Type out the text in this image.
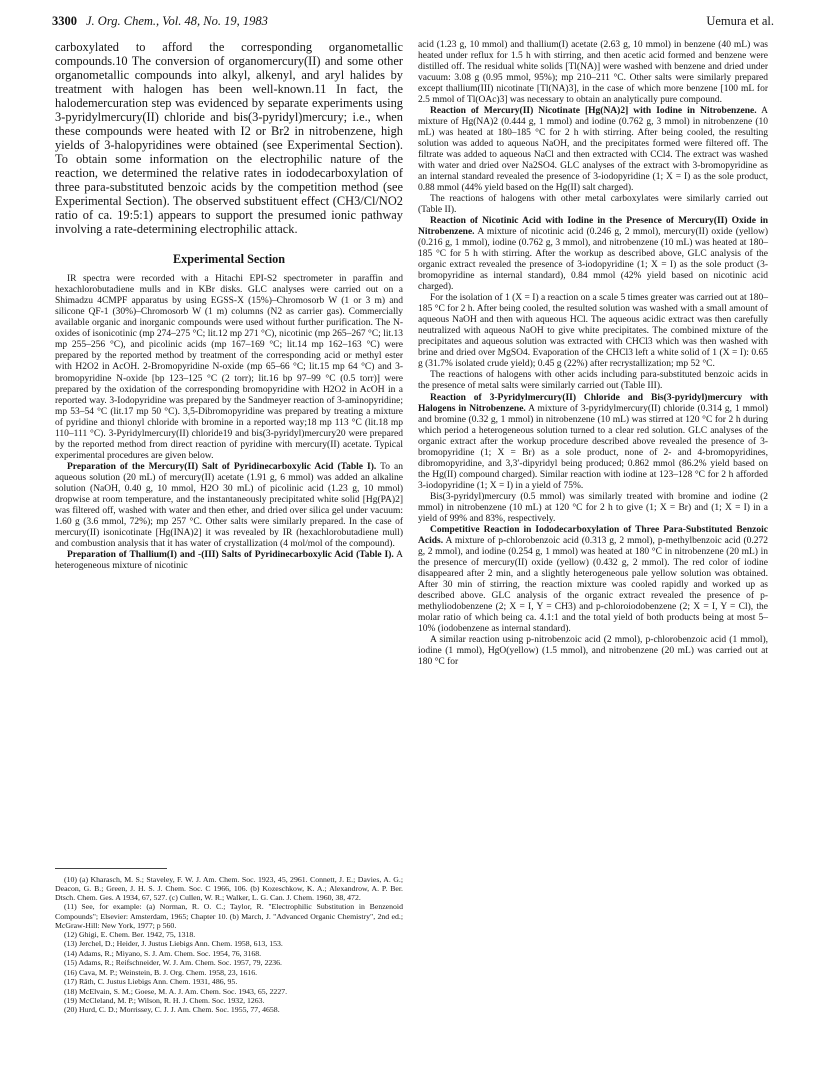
3300 J. Org. Chem., Vol. 48, No. 19, 1983	Uemura et al.

carboxylated to afford the corresponding organometallic compounds.10 The conversion of organomercury(II) and some other organometallic compounds into alkyl, alkenyl, and aryl halides by treatment with halogen has been well-known.11 In fact, the halodemercuration step was evidenced by separate experiments using 3-pyridylmercury(II) chloride and bis(3-pyridyl)mercury; i.e., when these compounds were heated with I2 or Br2 in nitrobenzene, high yields of 3-halopyridines were obtained (see Experimental Section). To obtain some information on the electrophilic nature of the reaction, we determined the relative rates in iododecarboxylation of three para-substituted benzoic acids by the competition method (see Experimental Section). The observed substituent effect (CH3/Cl/NO2 ratio of ca. 19:5:1) appears to support the presumed ionic pathway involving a rate-determining electrophilic attack.

Experimental Section

IR spectra were recorded with a Hitachi EPI-S2 spectrometer in paraffin and hexachlorobutadiene mulls and in KBr disks. GLC analyses were carried out on a Shimadzu 4CMPF apparatus by using EGSS-X (15%)–Chromosorb W (1 or 3 m) and silicone QF-1 (30%)–Chromosorb W (1 m) columns (N2 as carrier gas). Commercially available organic and inorganic compounds were used without further purification. The N-oxides of isonicotinic (mp 274–275 °C; lit.12 mp 271 °C), nicotinic (mp 265–267 °C; lit.13 mp 255–256 °C), and picolinic acids (mp 167–169 °C; lit.14 mp 162–163 °C) were prepared by the reported method by treatment of the corresponding acid or methyl ester with H2O2 in AcOH. 2-Bromopyridine N-oxide (mp 65–66 °C; lit.15 mp 64 °C) and 3-bromopyridine N-oxide [bp 123–125 °C (2 torr); lit.16 bp 97–99 °C (0.5 torr)] were prepared by the oxidation of the corresponding bromopyridine with H2O2 in AcOH in a reported way. 3-Iodopyridine was prepared by the Sandmeyer reaction of 3-aminopyridine; mp 53–54 °C (lit.17 mp 50 °C). 3,5-Dibromopyridine was prepared by treating a mixture of pyridine and thionyl chloride with bromine in a reported way;18 mp 113 °C (lit.18 mp 110–111 °C). 3-Pyridylmercury(II) chloride19 and bis(3-pyridyl)mercury20 were prepared by the reported method from direct reaction of pyridine with mercury(II) acetate. Typical experimental procedures are given below.

Preparation of the Mercury(II) Salt of Pyridinecarboxylic Acid (Table I). To an aqueous solution (20 mL) of mercury(II) acetate (1.91 g, 6 mmol) was added an alkaline solution (NaOH, 0.40 g, 10 mmol, H2O 30 mL) of picolinic acid (1.23 g, 10 mmol) dropwise at room temperature, and the instantaneously precipitated white solid [Hg(PA)2] was filtered off, washed with water and then ether, and dried over silica gel under vacuum: 1.60 g (3.6 mmol, 72%); mp 257 °C. Other salts were similarly prepared. In the case of mercury(II) isonicotinate [Hg(INA)2] it was revealed by IR (hexachlorobutadiene mull) and combustion analysis that it has water of crystallization (4 mol/mol of the compound).

Preparation of Thallium(I) and -(III) Salts of Pyridinecarboxylic Acid (Table I). A heterogeneous mixture of nicotinic

(10) (a) Kharasch, M. S.; Staveley, F. W. J. Am. Chem. Soc. 1923, 45, 2961. Connett, J. E.; Davies, A. G.; Deacon, G. B.; Green, J. H. S. J. Chem. Soc. C 1966, 106. (b) Kozeschkow, K. A.; Alexandrow, A. P. Ber. Dtsch. Chem. Ges. A 1934, 67, 527. (c) Cullen, W. R.; Walker, L. G. Can. J. Chem. 1960, 38, 472.

(11) See, for example: (a) Norman, R. O. C.; Taylor, R. "Electrophilic Substitution in Benzenoid Compounds"; Elsevier: Amsterdam, 1965; Chapter 10. (b) March, J. "Advanced Organic Chemistry", 2nd ed.; McGraw-Hill: New York, 1977; p 560.

(12) Ghigi, E. Chem. Ber. 1942, 75, 1318.

(13) Jerchel, D.; Heider, J. Justus Liebigs Ann. Chem. 1958, 613, 153.

(14) Adams, R.; Miyano, S. J. Am. Chem. Soc. 1954, 76, 3168.

(15) Adams, R.; Reifschneider, W. J. Am. Chem. Soc. 1957, 79, 2236.

(16) Cava, M. P.; Weinstein, B. J. Org. Chem. 1958, 23, 1616.

(17) Räth, C. Justus Liebigs Ann. Chem. 1931, 486, 95.

(18) McElvain, S. M.; Goese, M. A. J. Am. Chem. Soc. 1943, 65, 2227.

(19) McCleland, M. P.; Wilson, R. H. J. Chem. Soc. 1932, 1263.

(20) Hurd, C. D.; Morrissey, C. J. J. Am. Chem. Soc. 1955, 77, 4658.

acid (1.23 g, 10 mmol) and thallium(I) acetate (2.63 g, 10 mmol) in benzene (40 mL) was heated under reflux for 1.5 h with stirring, and then acetic acid formed and benzene were distilled off. The residual white solids [Tl(NA)] were washed with benzene and dried under vacuum: 3.08 g (0.95 mmol, 95%); mp 210–211 °C. Other salts were similarly prepared except thallium(III) nicotinate [Tl(NA)3], in the case of which more benzene [100 mL for 2.5 mmol of Tl(OAc)3] was necessary to obtain an analytically pure compound.

Reaction of Mercury(II) Nicotinate [Hg(NA)2] with Iodine in Nitrobenzene. A mixture of Hg(NA)2 (0.444 g, 1 mmol) and iodine (0.762 g, 3 mmol) in nitrobenzene (10 mL) was heated at 180–185 °C for 2 h with stirring. After being cooled, the resulting solution was added to aqueous NaOH, and the precipitates formed were filtered off. The filtrate was added to aqueous NaCl and then extracted with CCl4. The extract was washed with water and dried over Na2SO4. GLC analyses of the extract with 3-bromopyridine as an internal standard revealed the presence of 3-iodopyridine (1; X = I) as the sole product, 0.88 mmol (44% yield based on the Hg(II) salt charged).

The reactions of halogens with other metal carboxylates were similarly carried out (Table II).

Reaction of Nicotinic Acid with Iodine in the Presence of Mercury(II) Oxide in Nitrobenzene. A mixture of nicotinic acid (0.246 g, 2 mmol), mercury(II) oxide (yellow) (0.216 g, 1 mmol), iodine (0.762 g, 3 mmol), and nitrobenzene (10 mL) was heated at 180–185 °C for 5 h with stirring. After the workup as described above, GLC analysis of the organic extract revealed the presence of 3-iodopyridine (1; X = I) as the sole product (3-bromopyridine as internal standard), 0.84 mmol (42% yield based on nicotinic acid charged).

For the isolation of 1 (X = I) a reaction on a scale 5 times greater was carried out at 180–185 °C for 2 h. After being cooled, the resulted solution was washed with a small amount of aqueous NaOH and then with aqueous HCl. The aqueous acidic extract was then carefully neutralized with aqueous NaOH to give white precipitates. The combined mixture of the precipitates and aqueous solution was extracted with CHCl3 which was then washed with brine and dried over MgSO4. Evaporation of the CHCl3 left a white solid of 1 (X = I): 0.65 g (31.7% isolated crude yield); 0.45 g (22%) after recrystallization; mp 52 °C.

The reactions of halogens with other acids including para-substituted benzoic acids in the presence of metal salts were similarly carried out (Table III).

Reaction of 3-Pyridylmercury(II) Chloride and Bis(3-pyridyl)mercury with Halogens in Nitrobenzene. A mixture of 3-pyridylmercury(II) chloride (0.314 g, 1 mmol) and bromine (0.32 g, 1 mmol) in nitrobenzene (10 mL) was stirred at 120 °C for 2 h during which period a heterogeneous solution turned to a clear red solution. GLC analyses of the organic extract after the workup procedure described above revealed the presence of 3-bromopyridine (1; X = Br) as a sole product, none of 2- and 4-bromopyridines, dibromopyridine, and 3,3′-dipyridyl being produced; 0.862 mmol (86.2% yield based on the Hg(II) compound charged). Similar reaction with iodine at 123–128 °C for 2 h afforded 3-iodopyridine (1; X = I) in a yield of 75%.

Bis(3-pyridyl)mercury (0.5 mmol) was similarly treated with bromine and iodine (2 mmol) in nitrobenzene (10 mL) at 120 °C for 2 h to give (1; X = Br) and (1; X = I) in a yield of 99% and 83%, respectively.

Competitive Reaction in Iododecarboxylation of Three Para-Substituted Benzoic Acids. A mixture of p-chlorobenzoic acid (0.313 g, 2 mmol), p-methylbenzoic acid (0.272 g, 2 mmol), and iodine (0.254 g, 1 mmol) was heated at 180 °C in nitrobenzene (20 mL) in the presence of mercury(II) oxide (yellow) (0.432 g, 2 mmol). The red color of iodine disappeared after 2 min, and a slightly heterogeneous pale yellow solution was obtained. After 30 min of stirring, the reaction mixture was cooled rapidly and worked up as described above. GLC analysis of the organic extract revealed the presence of p-methyliodobenzene (2; X = I, Y = CH3) and p-chloroiodobenzene (2; X = I, Y = Cl), the molar ratio of which being ca. 4.1:1 and the total yield of both products being at most 5–10% (iodobenzene as internal standard).

A similar reaction using p-nitrobenzoic acid (2 mmol), p-chlorobenzoic acid (1 mmol), iodine (1 mmol), HgO(yellow) (1.5 mmol), and nitrobenzene (20 mL) was carried out at 180 °C for
